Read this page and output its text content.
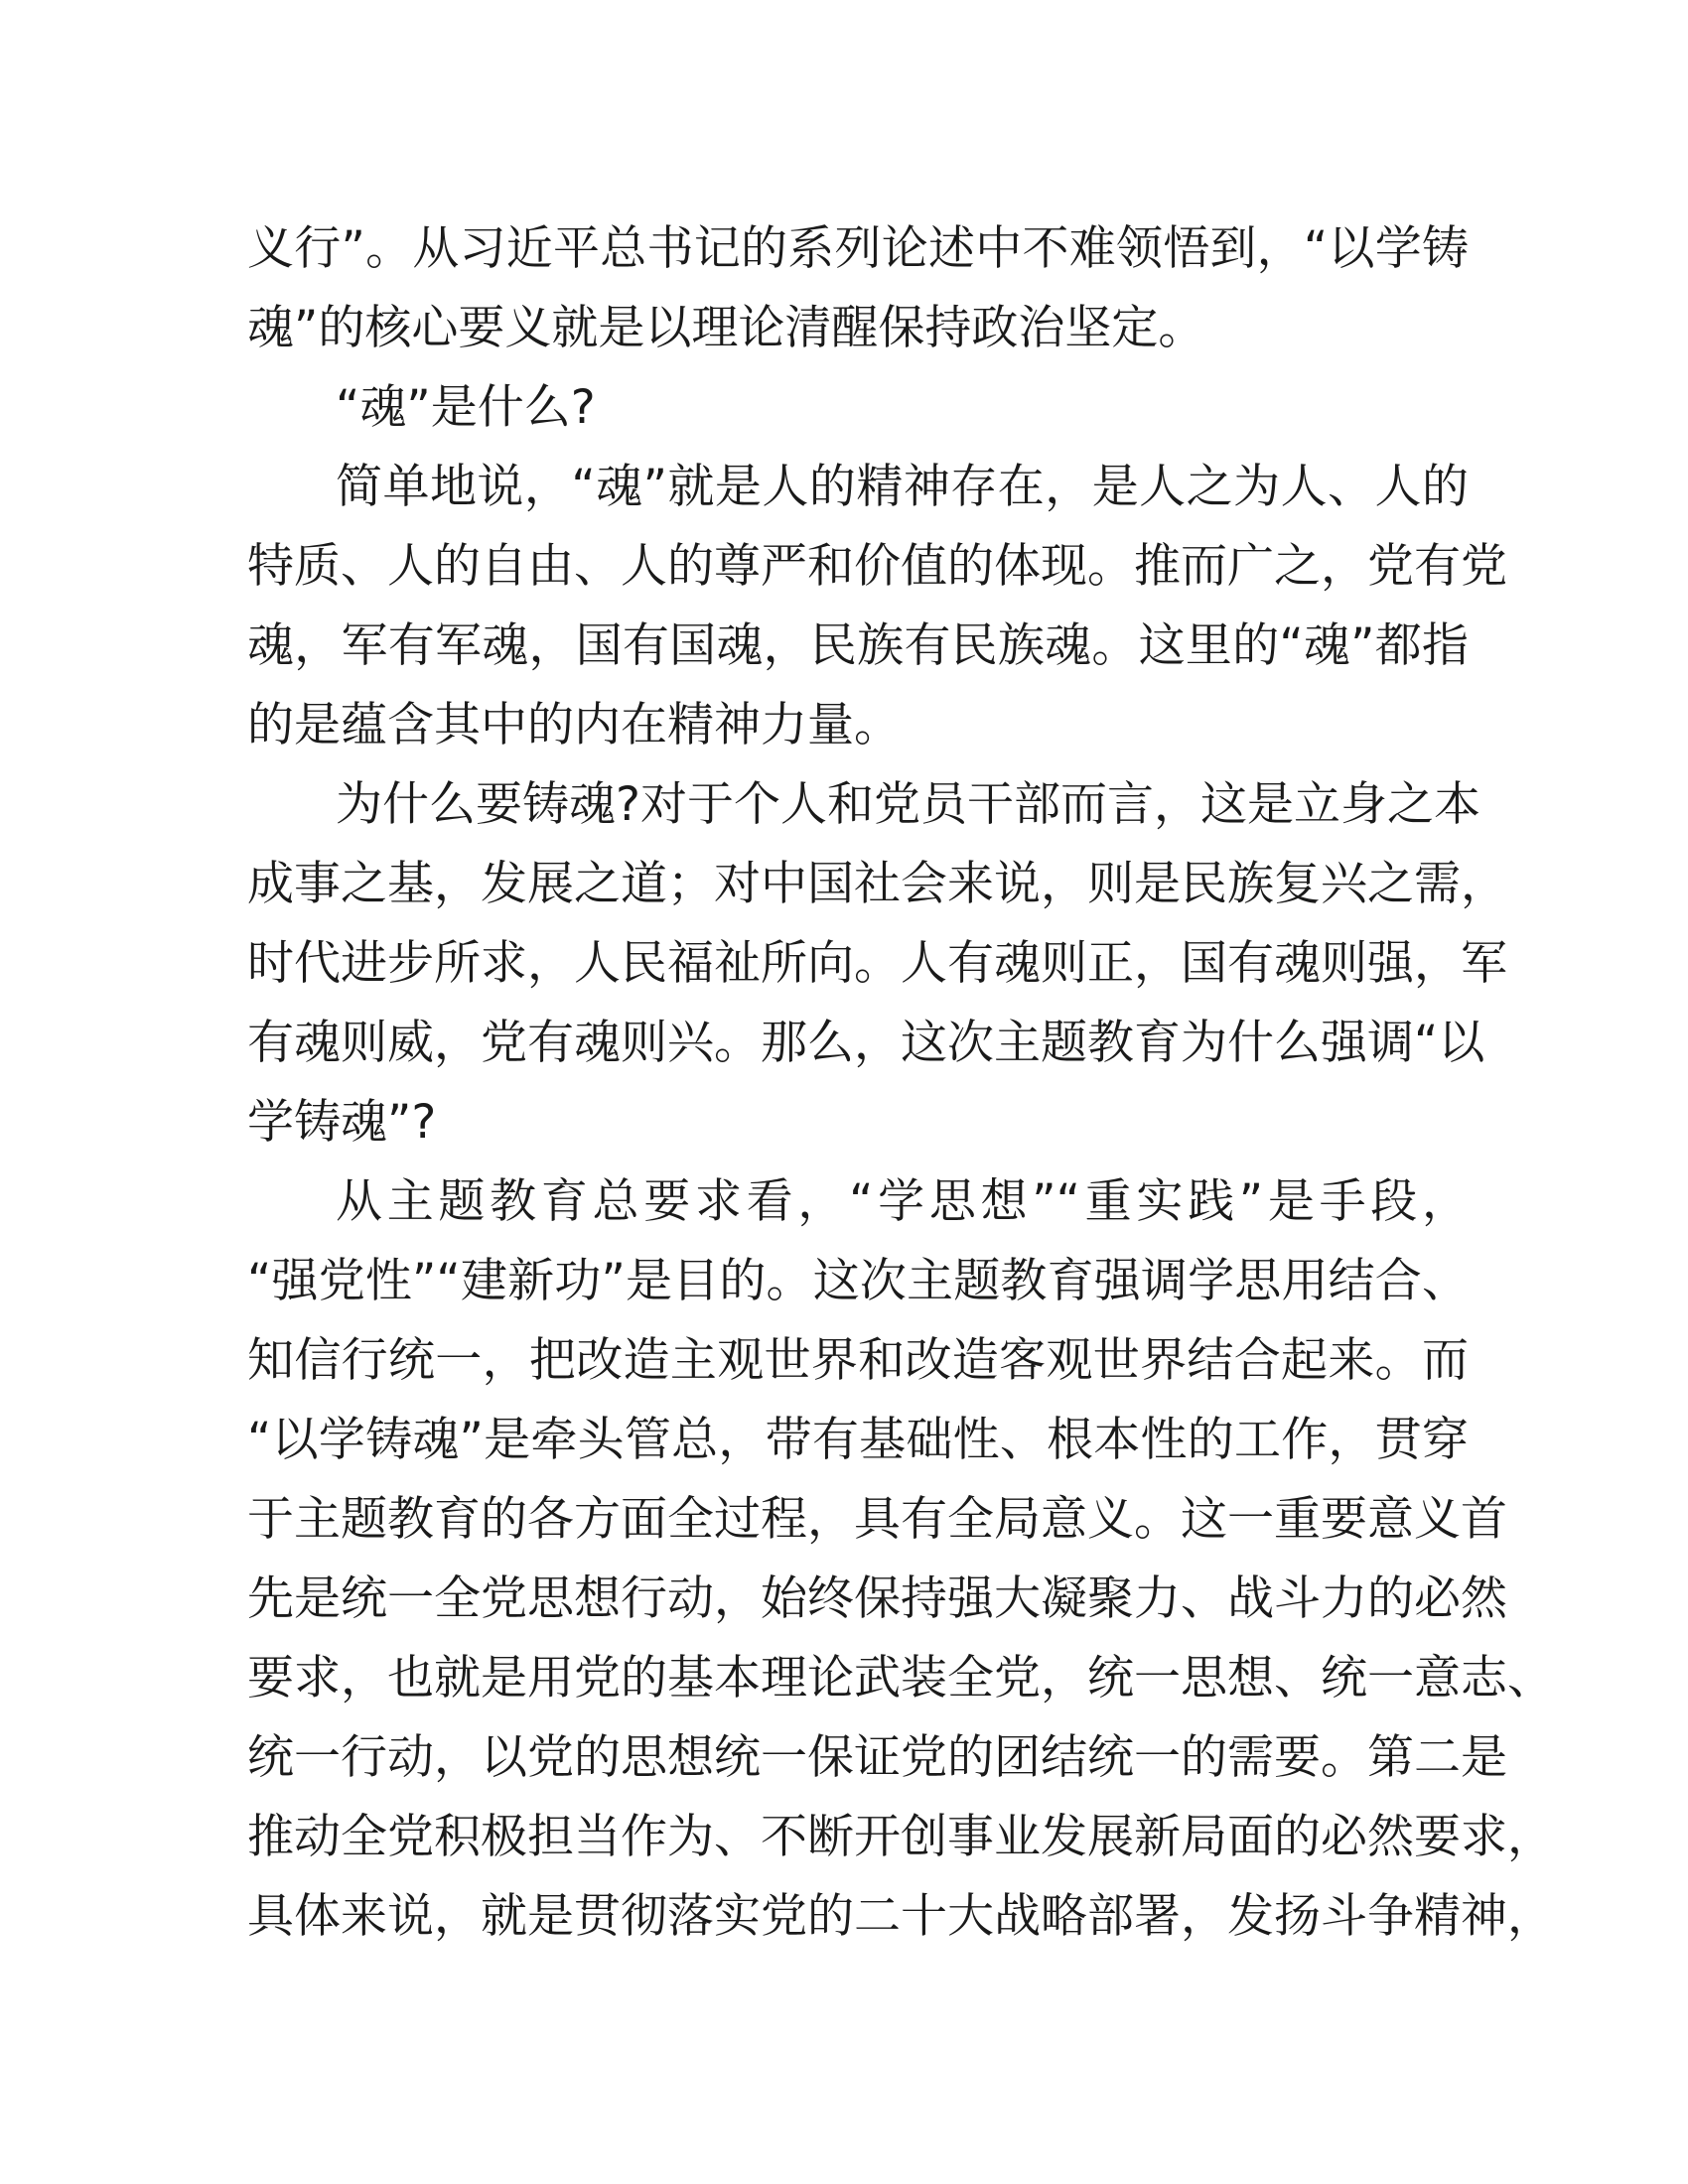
义行”。从习近平总书记的系列论述中不难领悟到，“以学铸
魂”的核心要义就是以理论清醒保持政治坚定。
“魂”是什么?
简单地说，“魂”就是人的精神存在，是人之为人、人的
特质、人的自由、人的尊严和价值的体现。推而广之，党有党
魂，军有军魂，国有国魂，民族有民族魂。这里的“魂”都指
的是蕴含其中的内在精神力量。
为什么要铸魂?对于个人和党员干部而言，这是立身之本
成事之基，发展之道；对中国社会来说，则是民族复兴之需，
时代进步所求，人民福祉所向。人有魂则正，国有魂则强，军
有魂则威，党有魂则兴。那么，这次主题教育为什么强调“以
学铸魂”?
从主题教育总要求看，“学思想”“重实践”是手段，
“强党性”“建新功”是目的。这次主题教育强调学思用结合、
知信行统一，把改造主观世界和改造客观世界结合起来。而
“以学铸魂”是牵头管总，带有基础性、根本性的工作，贯穿
于主题教育的各方面全过程，具有全局意义。这一重要意义首
先是统一全党思想行动，始终保持强大凝聚力、战斗力的必然
要求，也就是用党的基本理论武装全党，统一思想、统一意志、
统一行动，以党的思想统一保证党的团结统一的需要。第二是
推动全党积极担当作为、不断开创事业发展新局面的必然要求，
具体来说，就是贯彻落实党的二十大战略部署，发扬斗争精神，
